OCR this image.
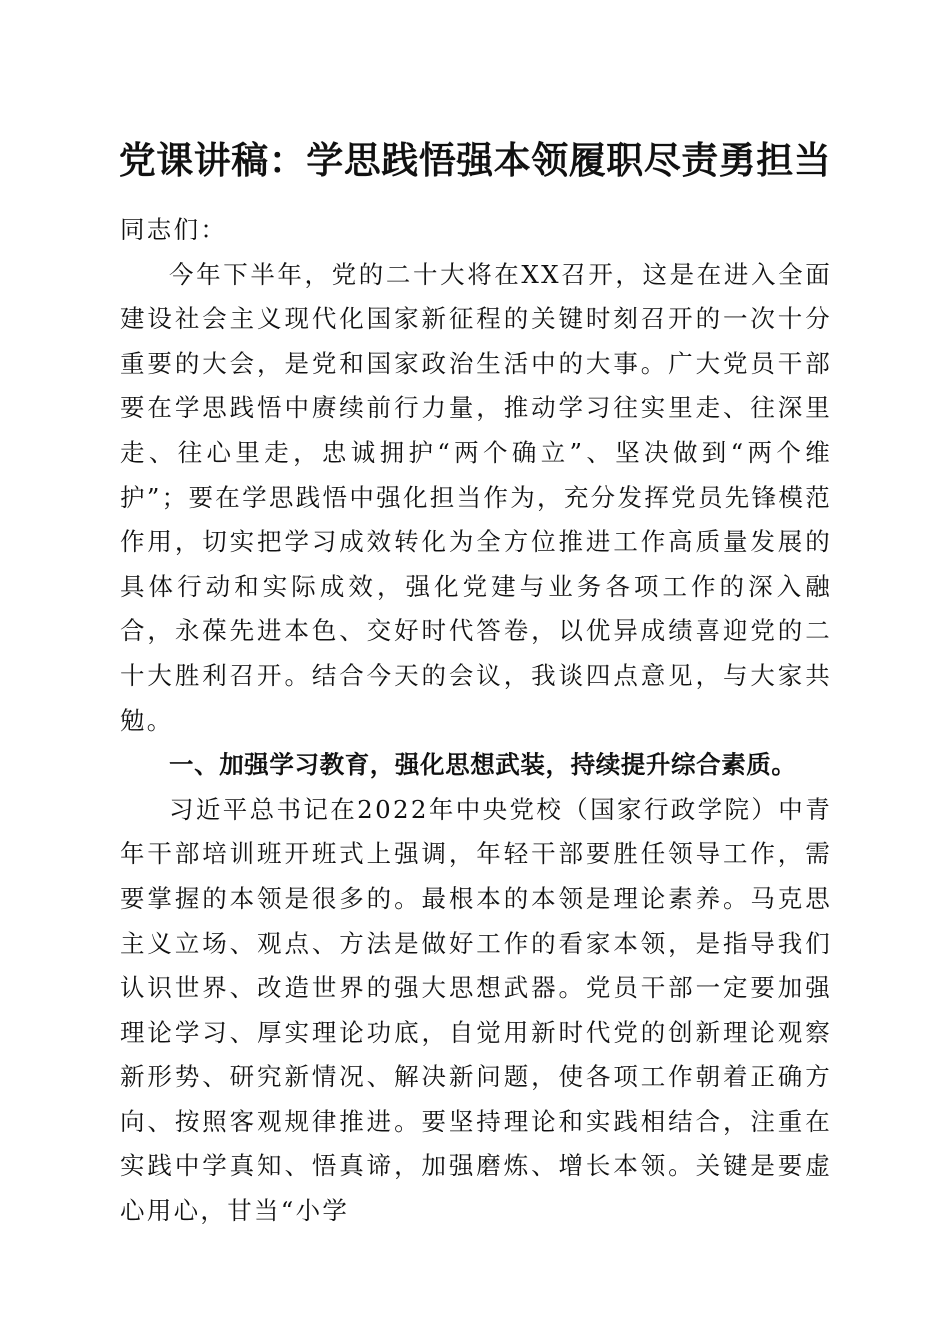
党课讲稿：学思践悟强本领履职尽责勇担当

同志们：

今年下半年，党的二十大将在XX召开，这是在进入全面建设社会主义现代化国家新征程的关键时刻召开的一次十分重要的大会，是党和国家政治生活中的大事。广大党员干部要在学思践悟中赓续前行力量，推动学习往实里走、往深里走、往心里走，忠诚拥护“两个确立”、坚决做到“两个维护”；要在学思践悟中强化担当作为，充分发挥党员先锋模范作用，切实把学习成效转化为全方位推进工作高质量发展的具体行动和实际成效，强化党建与业务各项工作的深入融合，永葆先进本色、交好时代答卷，以优异成绩喜迎党的二十大胜利召开。结合今天的会议，我谈四点意见，与大家共勉。

一、加强学习教育，强化思想武装，持续提升综合素质。

习近平总书记在2022年中央党校（国家行政学院）中青年干部培训班开班式上强调，年轻干部要胜任领导工作，需要掌握的本领是很多的。最根本的本领是理论素养。马克思主义立场、观点、方法是做好工作的看家本领，是指导我们认识世界、改造世界的强大思想武器。党员干部一定要加强理论学习、厚实理论功底，自觉用新时代党的创新理论观察新形势、研究新情况、解决新问题，使各项工作朝着正确方向、按照客观规律推进。要坚持理论和实践相结合，注重在实践中学真知、悟真谛，加强磨炼、增长本领。关键是要虚心用心，甘当“小学
